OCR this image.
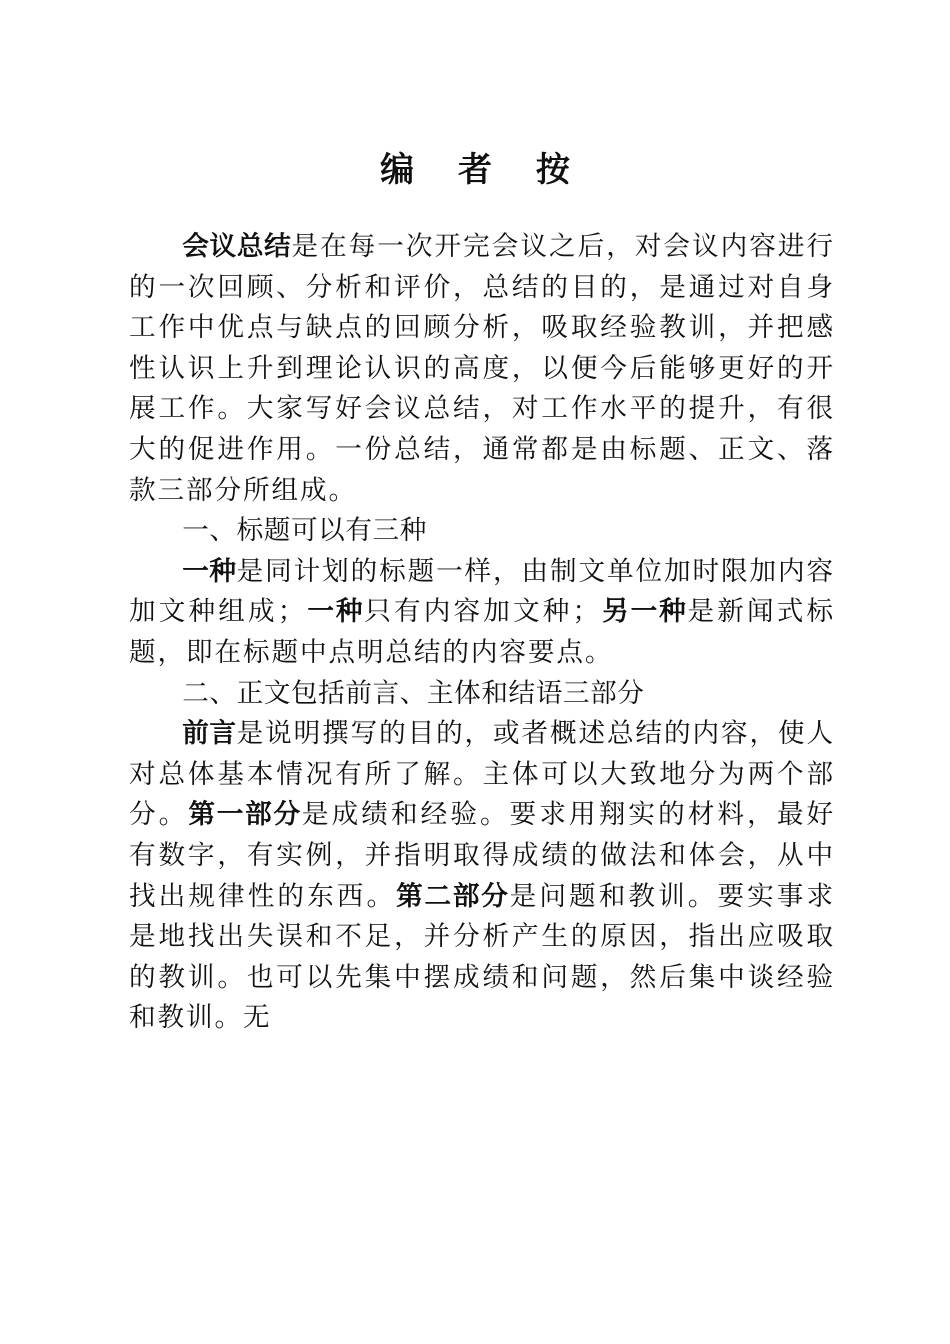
编 者 按

会议总结是在每一次开完会议之后，对会议内容进行的一次回顾、分析和评价，总结的目的，是通过对自身工作中优点与缺点的回顾分析，吸取经验教训，并把感性认识上升到理论认识的高度，以便今后能够更好的开展工作。大家写好会议总结，对工作水平的提升，有很大的促进作用。一份总结，通常都是由标题、正文、落款三部分所组成。

一、标题可以有三种

一种是同计划的标题一样，由制文单位加时限加内容加文种组成；一种只有内容加文种；另一种是新闻式标题，即在标题中点明总结的内容要点。

二、正文包括前言、主体和结语三部分

前言是说明撰写的目的，或者概述总结的内容，使人对总体基本情况有所了解。主体可以大致地分为两个部分。第一部分是成绩和经验。要求用翔实的材料，最好有数字，有实例，并指明取得成绩的做法和体会，从中找出规律性的东西。第二部分是问题和教训。要实事求是地找出失误和不足，并分析产生的原因，指出应吸取的教训。也可以先集中摆成绩和问题，然后集中谈经验和教训。无
